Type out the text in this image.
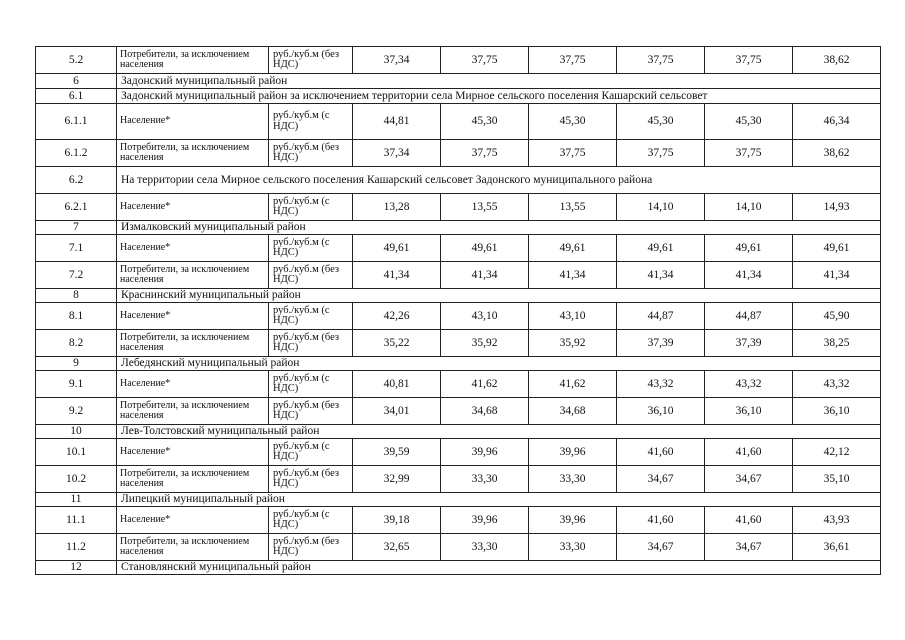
5.2	Потребители, за исключением населения	руб./куб.м (без НДС)	37,34	37,75	37,75	37,75	37,75	38,62
6	Задонский муниципальный район							
6.1	Задонский муниципальный район за исключением территории села Мирное сельского поселения Кашарский сельсовет							
6.1.1	Население*	руб./куб.м (с НДС)	44,81	45,30	45,30	45,30	45,30	46,34
6.1.2	Потребители, за исключением населения	руб./куб.м (без НДС)	37,34	37,75	37,75	37,75	37,75	38,62
6.2	На территории села Мирное сельского поселения Кашарский сельсовет Задонского муниципального района							
6.2.1	Население*	руб./куб.м (с НДС)	13,28	13,55	13,55	14,10	14,10	14,93
7	Измалковский муниципальный район							
7.1	Население*	руб./куб.м (с НДС)	49,61	49,61	49,61	49,61	49,61	49,61
7.2	Потребители, за исключением населения	руб./куб.м (без НДС)	41,34	41,34	41,34	41,34	41,34	41,34
8	Краснинский муниципальный район							
8.1	Население*	руб./куб.м (с НДС)	42,26	43,10	43,10	44,87	44,87	45,90
8.2	Потребители, за исключением населения	руб./куб.м (без НДС)	35,22	35,92	35,92	37,39	37,39	38,25
9	Лебедянский муниципальный район							
9.1	Население*	руб./куб.м (с НДС)	40,81	41,62	41,62	43,32	43,32	43,32
9.2	Потребители, за исключением населения	руб./куб.м (без НДС)	34,01	34,68	34,68	36,10	36,10	36,10
10	Лев-Толстовский муниципальный район							
10.1	Население*	руб./куб.м (с НДС)	39,59	39,96	39,96	41,60	41,60	42,12
10.2	Потребители, за исключением населения	руб./куб.м (без НДС)	32,99	33,30	33,30	34,67	34,67	35,10
11	Липецкий муниципальный район							
11.1	Население*	руб./куб.м (с НДС)	39,18	39,96	39,96	41,60	41,60	43,93
11.2	Потребители, за исключением населения	руб./куб.м (без НДС)	32,65	33,30	33,30	34,67	34,67	36,61
12	Становлянский муниципальный район							
